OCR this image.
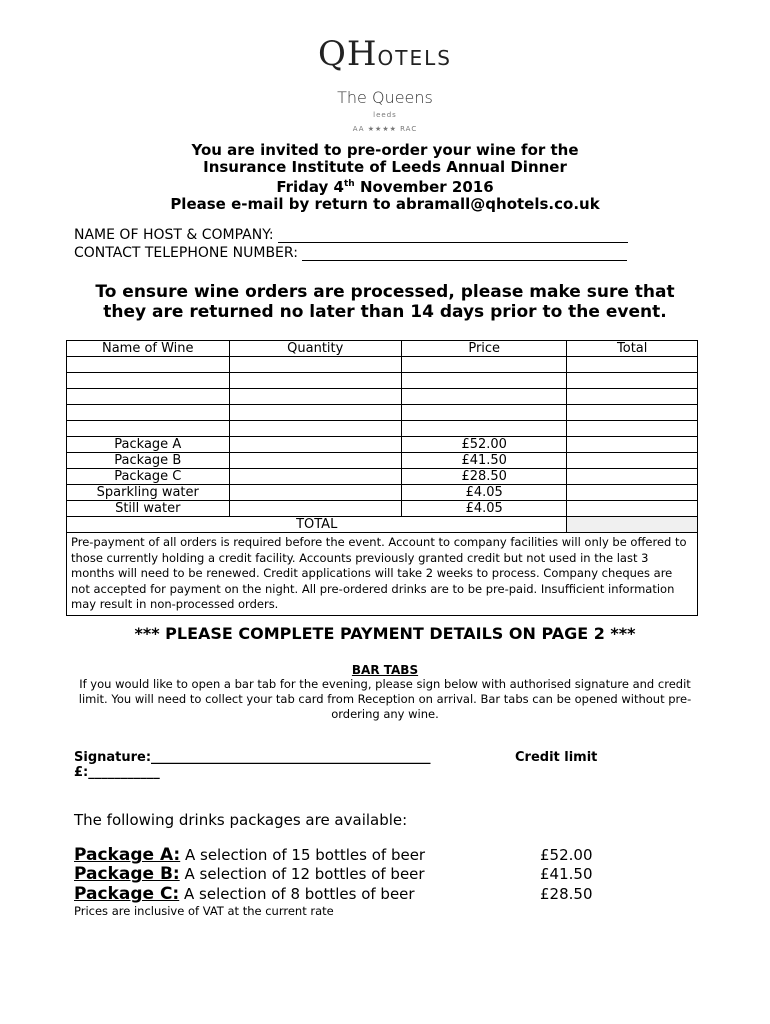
QHOTELS
The Queens
leeds
AA ★★★★ RAC
You are invited to pre-order your wine for the
Insurance Institute of Leeds Annual Dinner
Friday 4th November 2016
Please e-mail by return to abramall@qhotels.co.uk
NAME OF HOST & COMPANY:
CONTACT TELEPHONE NUMBER:
To ensure wine orders are processed, please make sure that
they are returned no later than 14 days prior to the event.
Name of Wine	Quantity	Price	Total

Package A		£52.00	
Package B		£41.50	
Package C		£28.50	
Sparkling water		£4.05	
Still water		£4.05	
TOTAL			
Pre-payment of all orders is required before the event. Account to company facilities will only be offered to those currently holding a credit facility. Accounts previously granted credit but not used in the last 3 months will need to be renewed. Credit applications will take 2 weeks to process. Company cheques are not accepted for payment on the night. All pre-ordered drinks are to be pre-paid. Insufficient information may result in non-processed orders.			
*** PLEASE COMPLETE PAYMENT DETAILS ON PAGE 2 ***
BAR TABS
If you would like to open a bar tab for the evening, please sign below with authorised signature and credit limit. You will need to collect your tab card from Reception on arrival. Bar tabs can be opened without pre-ordering any wine.
Signature:___________________________________________
£:___________
Credit limit
The following drinks packages are available:
Package A: A selection of 15 bottles of beer	£52.00
Package B: A selection of 12 bottles of beer	£41.50
Package C: A selection of 8 bottles of beer	£28.50
Prices are inclusive of VAT at the current rate
